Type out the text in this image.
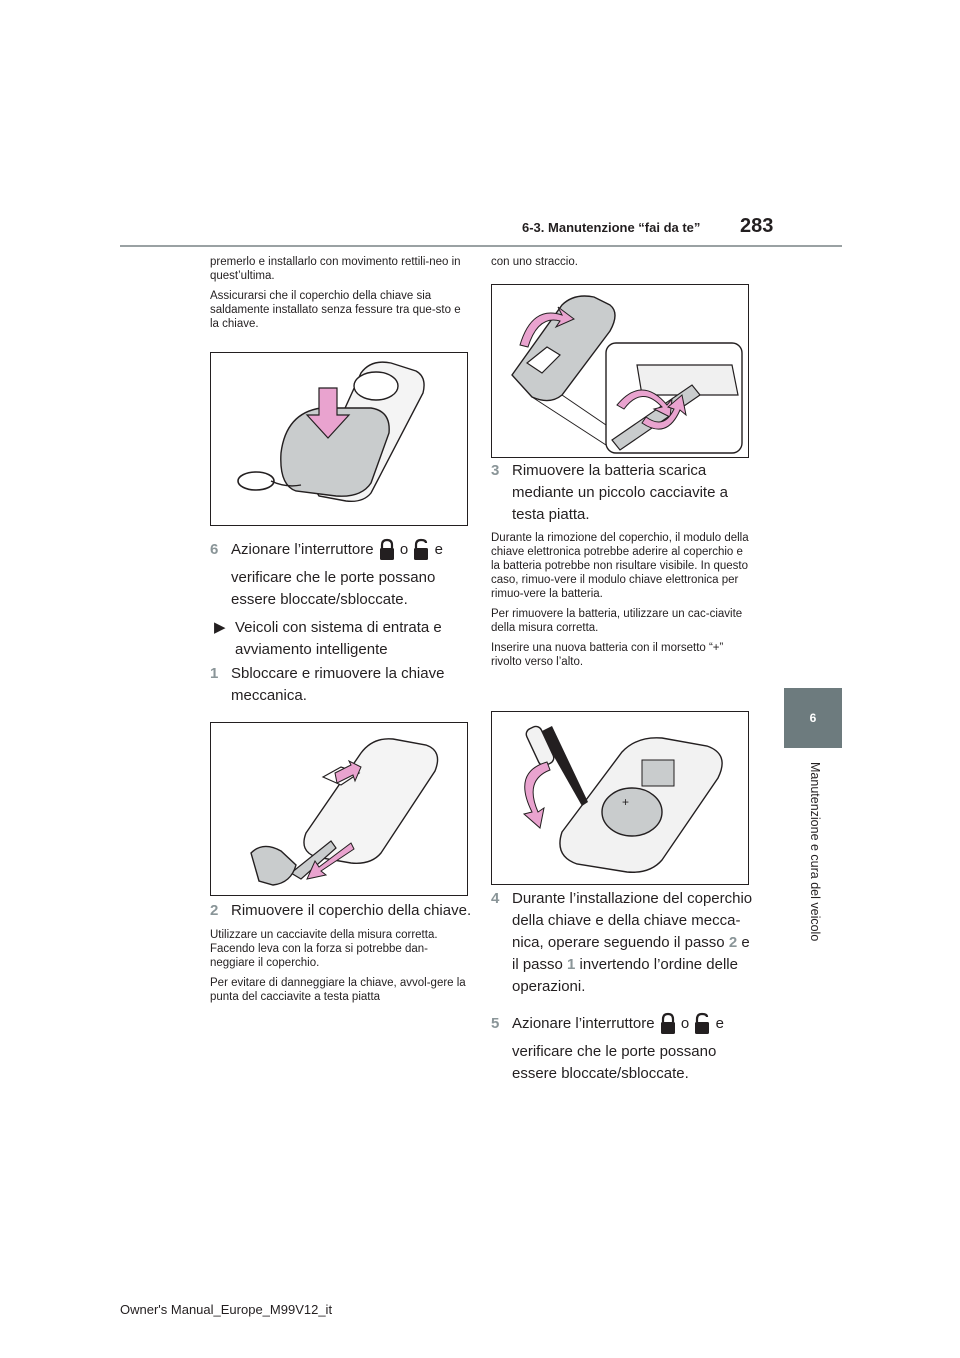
283
6-3. Manutenzione “fai da te”
6
Manutenzione e cura del veicolo

premerlo e installarlo con movimento rettili-neo in quest’ultima.

Assicurarsi che il coperchio della chiave sia saldamente installato senza fessure tra que-sto e la chiave.

6 Azionare l’interruttore o e
verificare che le porte possano essere bloccate/sbloccate.
▶ Veicoli con sistema di entrata e avviamento intelligente
1 Sbloccare e rimuovere la chiave meccanica.
2 Rimuovere il coperchio della chiave.

Utilizzare un cacciavite della misura corretta. Facendo leva con la forza si potrebbe dan-neggiare il coperchio.

Per evitare di danneggiare la chiave, avvol-gere la punta del cacciavite a testa piatta

con uno straccio.

3 Rimuovere la batteria scarica mediante un piccolo cacciavite a testa piatta.

Durante la rimozione del coperchio, il modulo della chiave elettronica potrebbe aderire al coperchio e la batteria potrebbe non risultare visibile. In questo caso, rimuo-vere il modulo chiave elettronica per rimuo-vere la batteria.

Per rimuovere la batteria, utilizzare un cac-ciavite della misura corretta.

Inserire una nuova batteria con il morsetto “+” rivolto verso l’alto.

+
4 Durante l’installazione del coperchio della chiave e della chiave mecca-nica, operare seguendo il passo 2 e il passo 1 invertendo l’ordine delle operazioni.
5 Azionare l’interruttore o e
verificare che le porte possano essere bloccate/sbloccate.
Owner's Manual_Europe_M99V12_it
